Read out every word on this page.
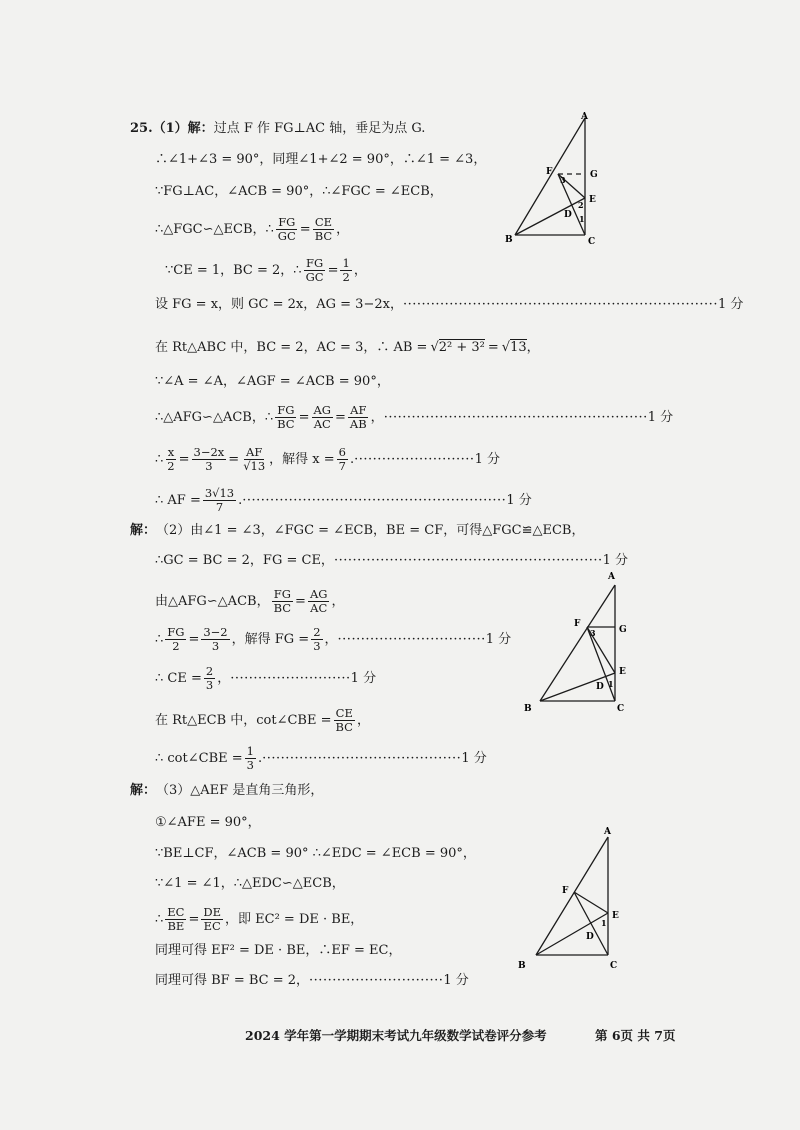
25.（1） 解： 过点 F 作 FG⊥AC 轴，垂足为点 G.
∴∠1+∠3 = 90°，同理∠1+∠2 = 90°，∴∠1 = ∠3，
∵FG⊥AC，∠ACB = 90°，∴∠FGC = ∠ECB，
∴△FGC∽△ECB，∴ $\frac{FG}{GC} = \frac{CE}{BC}$ ，
∵CE = 1，BC = 2，∴ $\frac{FG}{GC} = \frac{1}{2}$ ，
设 FG = x，则 GC = 2x，AG = 3−2x， ···································································· 1 分
在 Rt△ABC 中，BC = 2，AC = 3，∴ AB = √2² + 3² = √13 ，
∵∠A = ∠A，∠AGF = ∠ACB = 90°，
∴△AFG∽△ACB，∴ $\frac{FG}{BC} = \frac{AG}{AC} = \frac{AF}{AB}$ ， ························································· 1 分
∴ $\frac{x}{2} = \frac{3-2x}{3} = \frac{AF}{√13}$ ，解得 $x = \frac{6}{7}$ . ·························· 1 分
∴ AF = $\frac{3√13}{7}$ . ························································· 1 分
解： （2）由∠1 = ∠3，∠FGC = ∠ECB，BE = CF，可得△FGC≌△ECB，
∴GC = BC = 2，FG = CE， ·························································· 1 分
由△AFG∽△ACB， $\frac{FG}{BC} = \frac{AG}{AC}$ ，
∴ $\frac{FG}{2} = \frac{3-2}{3}$ ，解得 FG = $\frac{2}{3}$ ， ································ 1 分
∴ CE = $\frac{2}{3}$ ， ·························· 1 分
在 Rt△ECB 中，cot∠CBE = $\frac{CE}{BC}$ ，
∴ cot∠CBE = $\frac{1}{3}$ . ··········································· 1 分
解： （3）△AEF 是直角三角形，
①∠AFE = 90°，
∵BE⊥CF，∠ACB = 90° ∴∠EDC = ∠ECB = 90°，
∵∠1 = ∠1，∴△EDC∽△ECB，
∴ $\frac{EC}{BE} = \frac{DE}{EC}$ ，即 EC² = DE · BE，
同理可得 EF² = DE · BE，∴EF = EC，
同理可得 BF = BC = 2， ····························· 1 分
A
B	C
D
E
F	G
3
2
1
A
B	C
D
E
F
G
3
1
A
B	C
D
E
F
1
2024 学年第一学期期末考试九年级数学试卷评分参考	第 6页 共 7页
